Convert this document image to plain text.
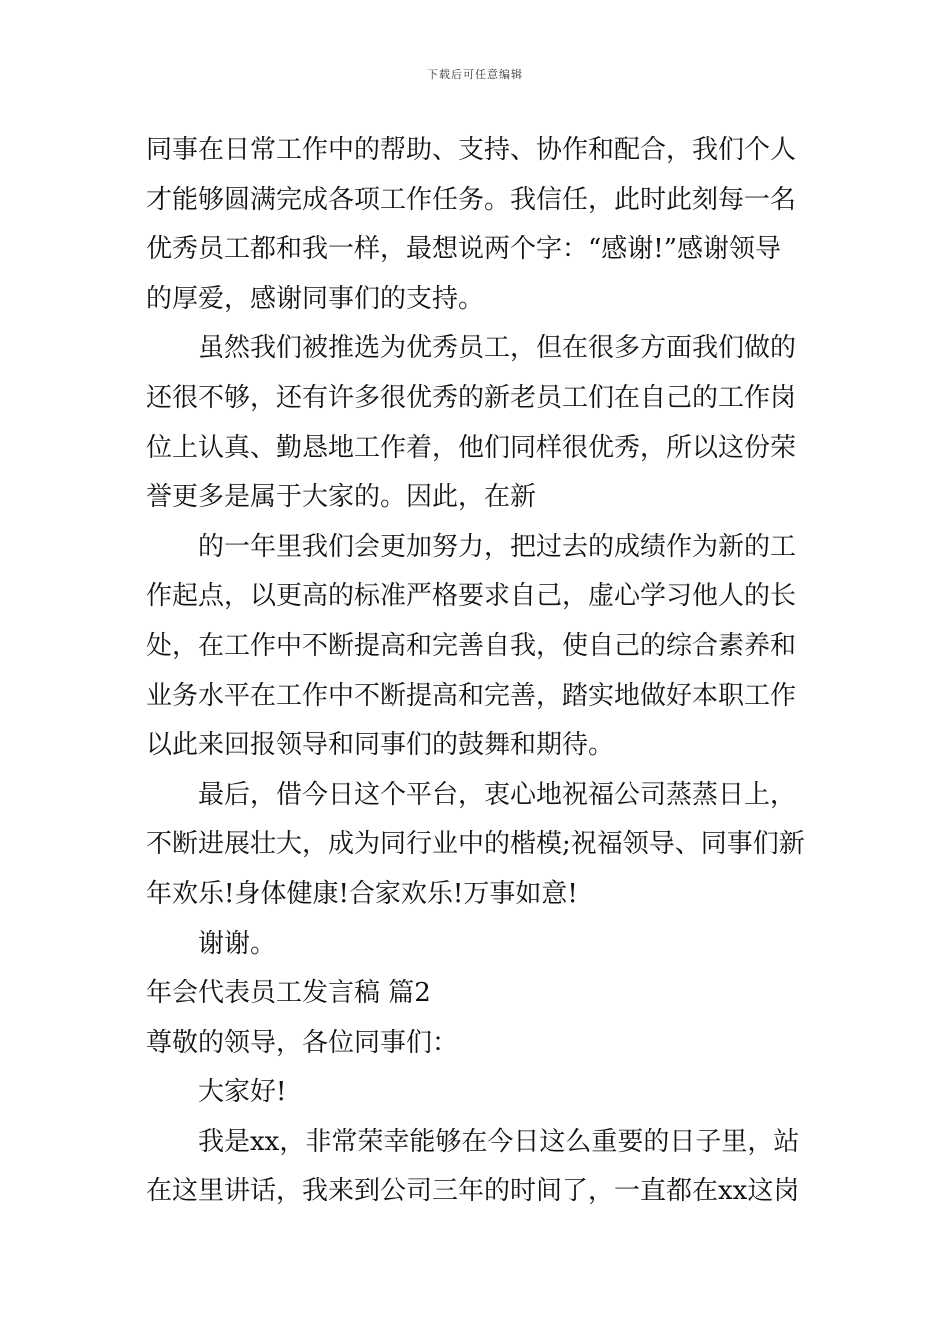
下载后可任意编辑
同事在日常工作中的帮助、支持、协作和配合，我们个人
才能够圆满完成各项工作任务。我信任，此时此刻每一名
优秀员工都和我一样，最想说两个字：“感谢!”感谢领导
的厚爱，感谢同事们的支持。
虽然我们被推选为优秀员工，但在很多方面我们做的
还很不够，还有许多很优秀的新老员工们在自己的工作岗
位上认真、勤恳地工作着，他们同样很优秀，所以这份荣
誉更多是属于大家的。因此，在新
的一年里我们会更加努力，把过去的成绩作为新的工
作起点，以更高的标准严格要求自己，虚心学习他人的长
处，在工作中不断提高和完善自我，使自己的综合素养和
业务水平在工作中不断提高和完善，踏实地做好本职工作
以此来回报领导和同事们的鼓舞和期待。
最后，借今日这个平台，衷心地祝福公司蒸蒸日上，
不断进展壮大，成为同行业中的楷模;祝福领导、同事们新
年欢乐!身体健康!合家欢乐!万事如意!
谢谢。
年会代表员工发言稿 篇2
尊敬的领导，各位同事们：
大家好!
我是xx，非常荣幸能够在今日这么重要的日子里，站
在这里讲话，我来到公司三年的时间了，一直都在xx这岗
